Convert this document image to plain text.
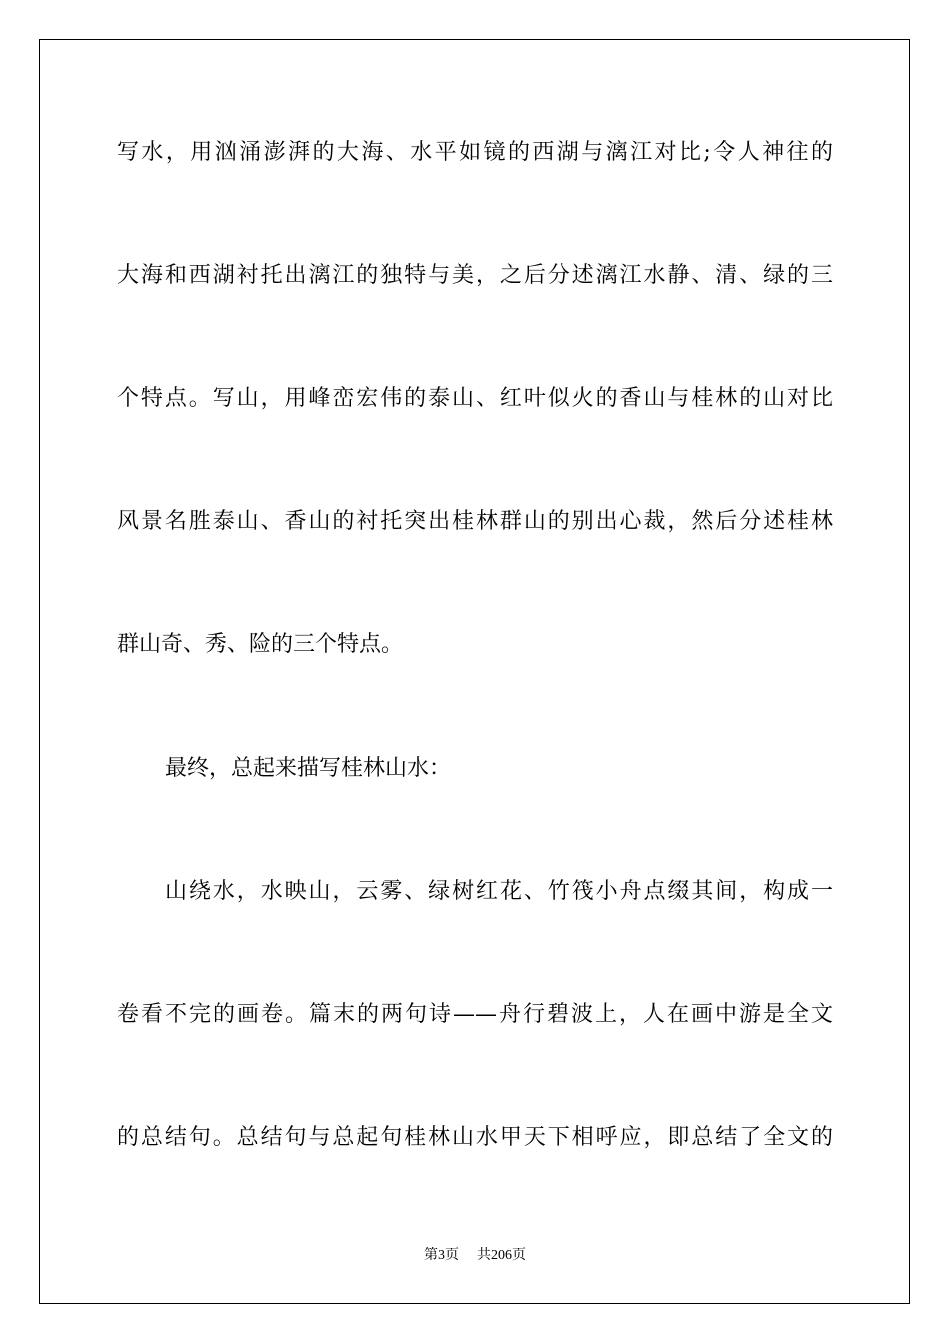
写水，用汹涌澎湃的大海、水平如镜的西湖与漓江对比;令人神往的
大海和西湖衬托出漓江的独特与美，之后分述漓江水静、清、绿的三
个特点。写山，用峰峦宏伟的泰山、红叶似火的香山与桂林的山对比
风景名胜泰山、香山的衬托突出桂林群山的别出心裁，然后分述桂林
群山奇、秀、险的三个特点。
最终，总起来描写桂林山水：
山绕水，水映山，云雾、绿树红花、竹筏小舟点缀其间，构成一
卷看不完的画卷。篇末的两句诗——舟行碧波上，人在画中游是全文
的总结句。总结句与总起句桂林山水甲天下相呼应，即总结了全文的
第3页 共206页
